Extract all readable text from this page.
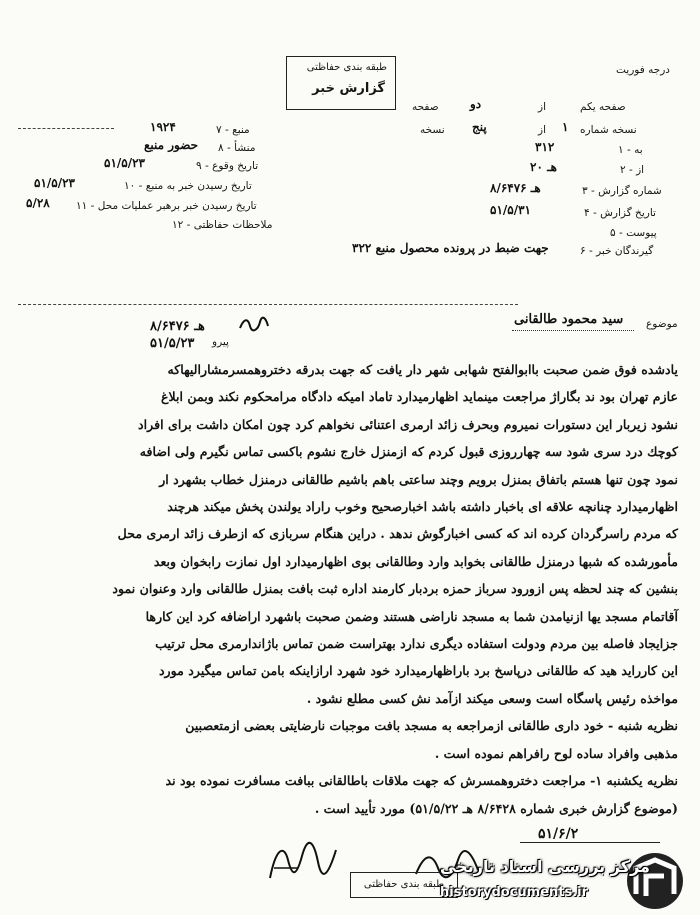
درجه فوریت
طبقه بندی حفاظتی
گزارش خبر
صفحه یکم
از
دو
صفحه
نسخه شماره
۱
از
پنج
نسخه
۱ - به
۳۱۲
۲ - از
۲۰ هـ
۳ - شماره گزارش
۸/۶۴۷۶ هـ
۴ - تاریخ گزارش
۵۱/۵/۳۱
۵ - پیوست
۶ - گیرندگان خبر
۳۲۲ جهت ضبط در پرونده محصول منبع
۷ - منبع
۱۹۲۴
۸ - منشأ
حضور منبع
۹ - تاریخ وقوع
۵۱/۵/۲۳
۱۰ - تاریخ رسیدن خبر به منبع
۵۱/۵/۲۳
۱۱ - تاریخ رسیدن خبر برهبر عملیات محل
۵/۲۸
۱۲ - ملاحظات حفاظتی
موضوع
سید محمود طالقانی
۸/۶۴۷۶ هـ
پیرو
۵۱/۵/۲۳

یادشده فوق ضمن صحبت باابوالفتح شهابی شهر دار یافت که جهت بدرقه دختروهمسرمشارالیهاکه
عازم تهران بود ند بگاراژ مراجعت مینماید اظهارمیدارد تاماد امیکه دادگاه مرامحکوم نکند وبمن ابلاغ
نشود زیربار این دستورات نمیروم وبحرف زائد ارمری اعتنائی نخواهم کرد چون امکان داشت برای افراد
کوچك درد سری شود سه چهارروزی قبول کردم که ازمنزل خارج نشوم باکسی تماس نگیرم ولی اضافه
نمود چون تنها هستم باتفاق بمنزل برویم وچند ساعتی باهم باشیم طالقانی درمنزل خطاب بشهرد ار
اظهارمیدارد چنانچه علاقه ای باخبار داشته باشد اخبارصحیح وخوب راراد یولندن پخش میکند هرچند
که مردم راسرگردان کرده اند که کسی اخبارگوش ندهد . دراین هنگام سربازی که ازطرف زائد ارمری محل
مأمورشده که شبها درمنزل طالقانی بخوابد وارد وطالقانی بوی اظهارمیدارد اول نمازت رابخوان وبعد
بنشین که چند لحظه پس ازورود سرباز حمزه بردبار کارمند اداره ثبت بافت بمنزل طالقانی وارد وعنوان نمود
آقاتمام مسجد یها ازنیامدن شما به مسجد ناراضی هستند وضمن صحبت باشهرد اراضافه کرد این کارها
جزایجاد فاصله بین مردم ودولت استفاده دیگری ندارد بهتراست ضمن تماس باژاندارمری محل ترتیب
این کارراید هید که طالقانی درپاسخ برد باراظهارمیدارد خود شهرد ارازاینکه بامن تماس میگیرد مورد
مواخذه رئیس پاسگاه است وسعی میکند ازآمد نش کسی مطلع نشود .
نظریه شنبه - خود داری طالقانی ازمراجعه به مسجد بافت موجبات نارضایتی بعضی ازمتعصبین
مذهبی وافراد ساده لوح رافراهم نموده است .
نظریه یکشنبه ۱- مراجعت دختروهمسرش که جهت ملاقات باطالقانی ببافت مسافرت نموده بود ند
(موضوع گزارش خبری شماره ۸/۶۴۲۸ هـ ۵۱/۵/۲۲) مورد تأیید است .

۵۱/۶/۲
طبقه بندی حفاظتی
مرکز بررسی اسناد تاریخی
historydocuments.ir
